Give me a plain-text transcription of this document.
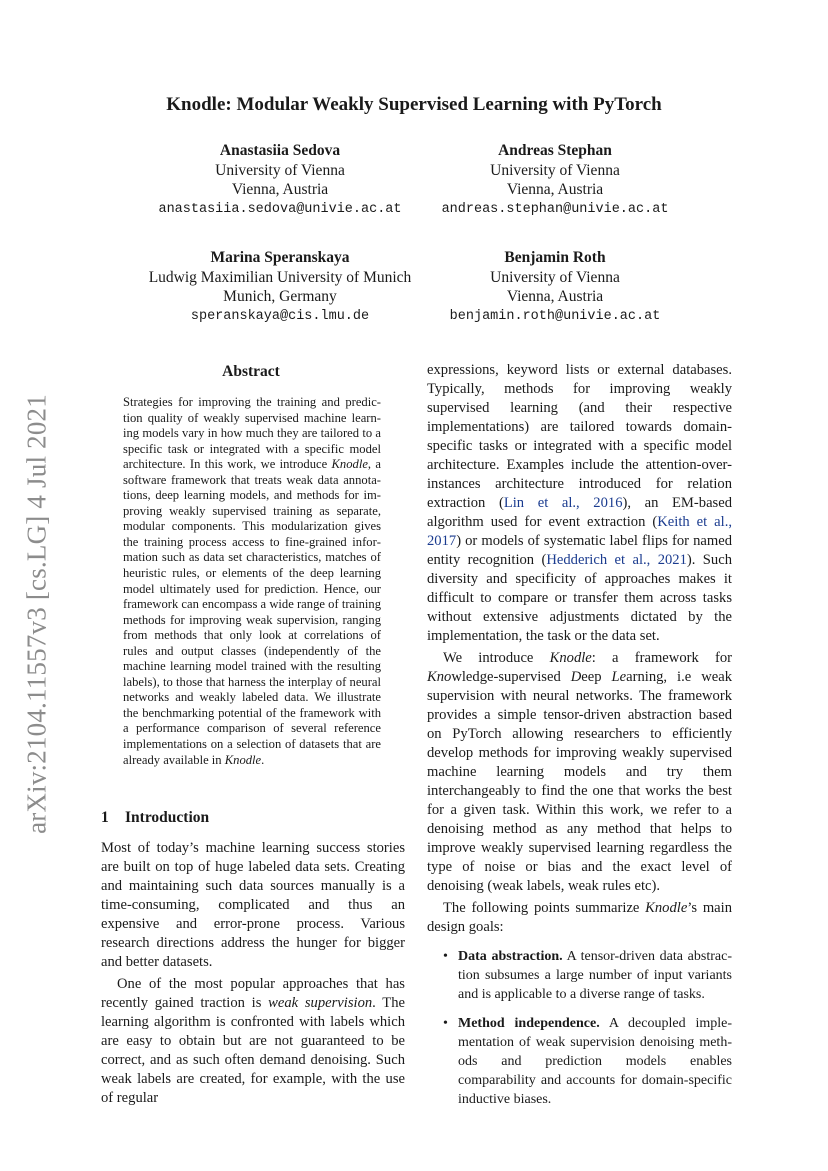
arXiv:2104.11557v3 [cs.LG] 4 Jul 2021
Knodle: Modular Weakly Supervised Learning with PyTorch
Anastasiia Sedova
University of Vienna
Vienna, Austria
anastasiia.sedova@univie.ac.at
Andreas Stephan
University of Vienna
Vienna, Austria
andreas.stephan@univie.ac.at
Marina Speranskaya
Ludwig Maximilian University of Munich
Munich, Germany
speranskaya@cis.lmu.de
Benjamin Roth
University of Vienna
Vienna, Austria
benjamin.roth@univie.ac.at
Abstract
Strategies for improving the training and prediction quality of weakly supervised machine learning models vary in how much they are tailored to a specific task or integrated with a specific model architecture. In this work, we introduce Knodle, a software framework that treats weak data annotations, deep learning models, and methods for improving weakly supervised training as separate, modular components. This modularization gives the training process access to fine-grained information such as data set characteristics, matches of heuristic rules, or elements of the deep learning model ultimately used for prediction. Hence, our framework can encompass a wide range of training methods for improving weak supervision, ranging from methods that only look at correlations of rules and output classes (independently of the machine learning model trained with the resulting labels), to those that harness the interplay of neural networks and weakly labeled data. We illustrate the benchmarking potential of the framework with a performance comparison of several reference implementations on a selection of datasets that are already available in Knodle.
1 Introduction

Most of today’s machine learning success stories are built on top of huge labeled data sets. Creating and maintaining such data sources manually is a time-consuming, complicated and thus an expensive and error-prone process. Various research directions address the hunger for bigger and better datasets.

One of the most popular approaches that has recently gained traction is weak supervision. The learning algorithm is confronted with labels which are easy to obtain but are not guaranteed to be correct, and as such often demand denoising. Such weak labels are created, for example, with the use of regular

expressions, keyword lists or external databases. Typically, methods for improving weakly supervised learning (and their respective implementations) are tailored towards domain-specific tasks or integrated with a specific model architecture. Examples include the attention-over-instances architecture introduced for relation extraction (Lin et al., 2016), an EM-based algorithm used for event extraction (Keith et al., 2017) or models of systematic label flips for named entity recognition (Hedderich et al., 2021). Such diversity and specificity of approaches makes it difficult to compare or transfer them across tasks without extensive adjustments dictated by the implementation, the task or the data set.

We introduce Knodle: a framework for Knowledge-supervised Deep Learning, i.e weak supervision with neural networks. The framework provides a simple tensor-driven abstraction based on PyTorch allowing researchers to efficiently develop methods for improving weakly supervised machine learning models and try them interchangeably to find the one that works the best for a given task. Within this work, we refer to a denoising method as any method that helps to improve weakly supervised learning regardless the type of noise or bias and the exact level of denoising (weak labels, weak rules etc).

The following points summarize Knodle’s main design goals:

• Data abstraction. A tensor-driven data abstraction subsumes a large number of input variants and is applicable to a diverse range of tasks.
• Method independence. A decoupled implementation of weak supervision denoising methods and prediction models enables comparability and accounts for domain-specific inductive biases.
